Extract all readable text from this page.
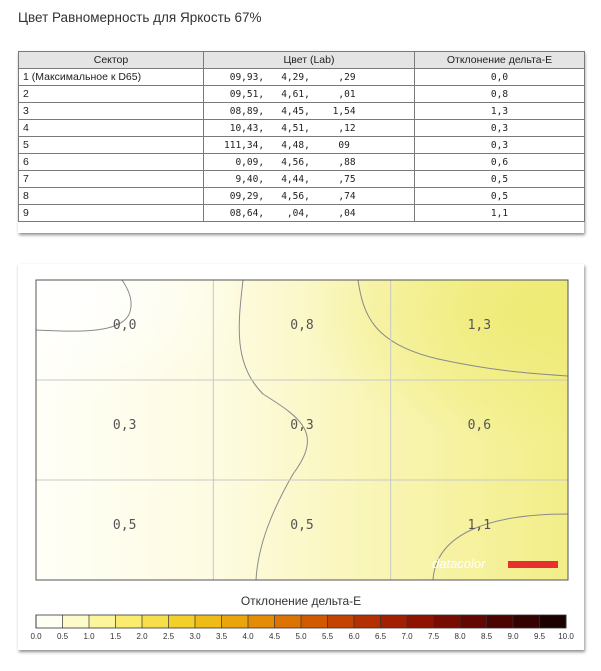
Цвет Равномерность для Яркость 67%
Сектор	Цвет (Lab)	Отклонение дельта-E
1 (Максимальное к D65)	09,93,   4,29,     ,29	0,0
2	09,51,   4,61,     ,01	0,8
3	08,89,   4,45,    1,54	1,3
4	10,43,   4,51,     ,12	0,3
5	111,34,   4,48,     09	0,3
6	0,09,   4,56,     ,88	0,6
7	9,40,   4,44,     ,75	0,5
8	09,29,   4,56,     ,74	0,5
9	08,64,    ,04,     ,04	1,1
0,0	0,8	1,3
0,3	0,3	0,6
0,5	0,5	1,1
datacolor
Отклонение дельта-E
0.0 0.5 1.0 1.5 2.0 2.5 3.0 3.5 4.0 4.5 5.0 5.5 6.0 6.5 7.0 7.5 8.0 8.5 9.0 9.5 10.0
